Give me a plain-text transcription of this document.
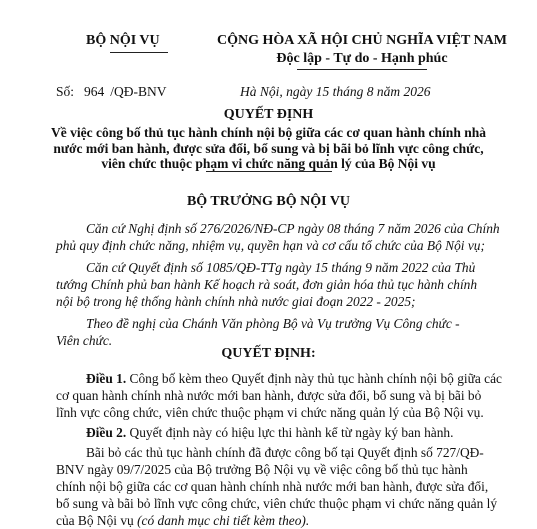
BỘ NỘI VỤ	CỘNG HÒA XÃ HỘI CHỦ NGHĨA VIỆT NAM
Độc lập - Tự do - Hạnh phúc
Số: 964 /QĐ-BNV	Hà Nội, ngày 15 tháng 8 năm 2026
QUYẾT ĐỊNH
Về việc công bố thủ tục hành chính nội bộ giữa các cơ quan hành chính nhà
nước mới ban hành, được sửa đổi, bổ sung và bị bãi bỏ lĩnh vực công chức,
viên chức thuộc phạm vi chức năng quản lý của Bộ Nội vụ
BỘ TRƯỞNG BỘ NỘI VỤ
Căn cứ Nghị định số 276/2026/NĐ-CP ngày 08 tháng 7 năm 2026 của Chính
phủ quy định chức năng, nhiệm vụ, quyền hạn và cơ cấu tổ chức của Bộ Nội vụ;
Căn cứ Quyết định số 1085/QĐ-TTg ngày 15 tháng 9 năm 2022 của Thủ
tướng Chính phủ ban hành Kế hoạch rà soát, đơn giản hóa thủ tục hành chính
nội bộ trong hệ thống hành chính nhà nước giai đoạn 2022 - 2025;
Theo đề nghị của Chánh Văn phòng Bộ và Vụ trưởng Vụ Công chức -
Viên chức.
QUYẾT ĐỊNH:
Điều 1. Công bố kèm theo Quyết định này thủ tục hành chính nội bộ giữa các
cơ quan hành chính nhà nước mới ban hành, được sửa đổi, bổ sung và bị bãi bỏ
lĩnh vực công chức, viên chức thuộc phạm vi chức năng quản lý của Bộ Nội vụ.
Điều 2. Quyết định này có hiệu lực thi hành kể từ ngày ký ban hành.
Bãi bỏ các thủ tục hành chính đã được công bố tại Quyết định số 727/QĐ-
BNV ngày 09/7/2025 của Bộ trưởng Bộ Nội vụ về việc công bố thủ tục hành
chính nội bộ giữa các cơ quan hành chính nhà nước mới ban hành, được sửa đổi,
bổ sung và bãi bỏ lĩnh vực công chức, viên chức thuộc phạm vi chức năng quản lý
của Bộ Nội vụ (có danh mục chi tiết kèm theo).
